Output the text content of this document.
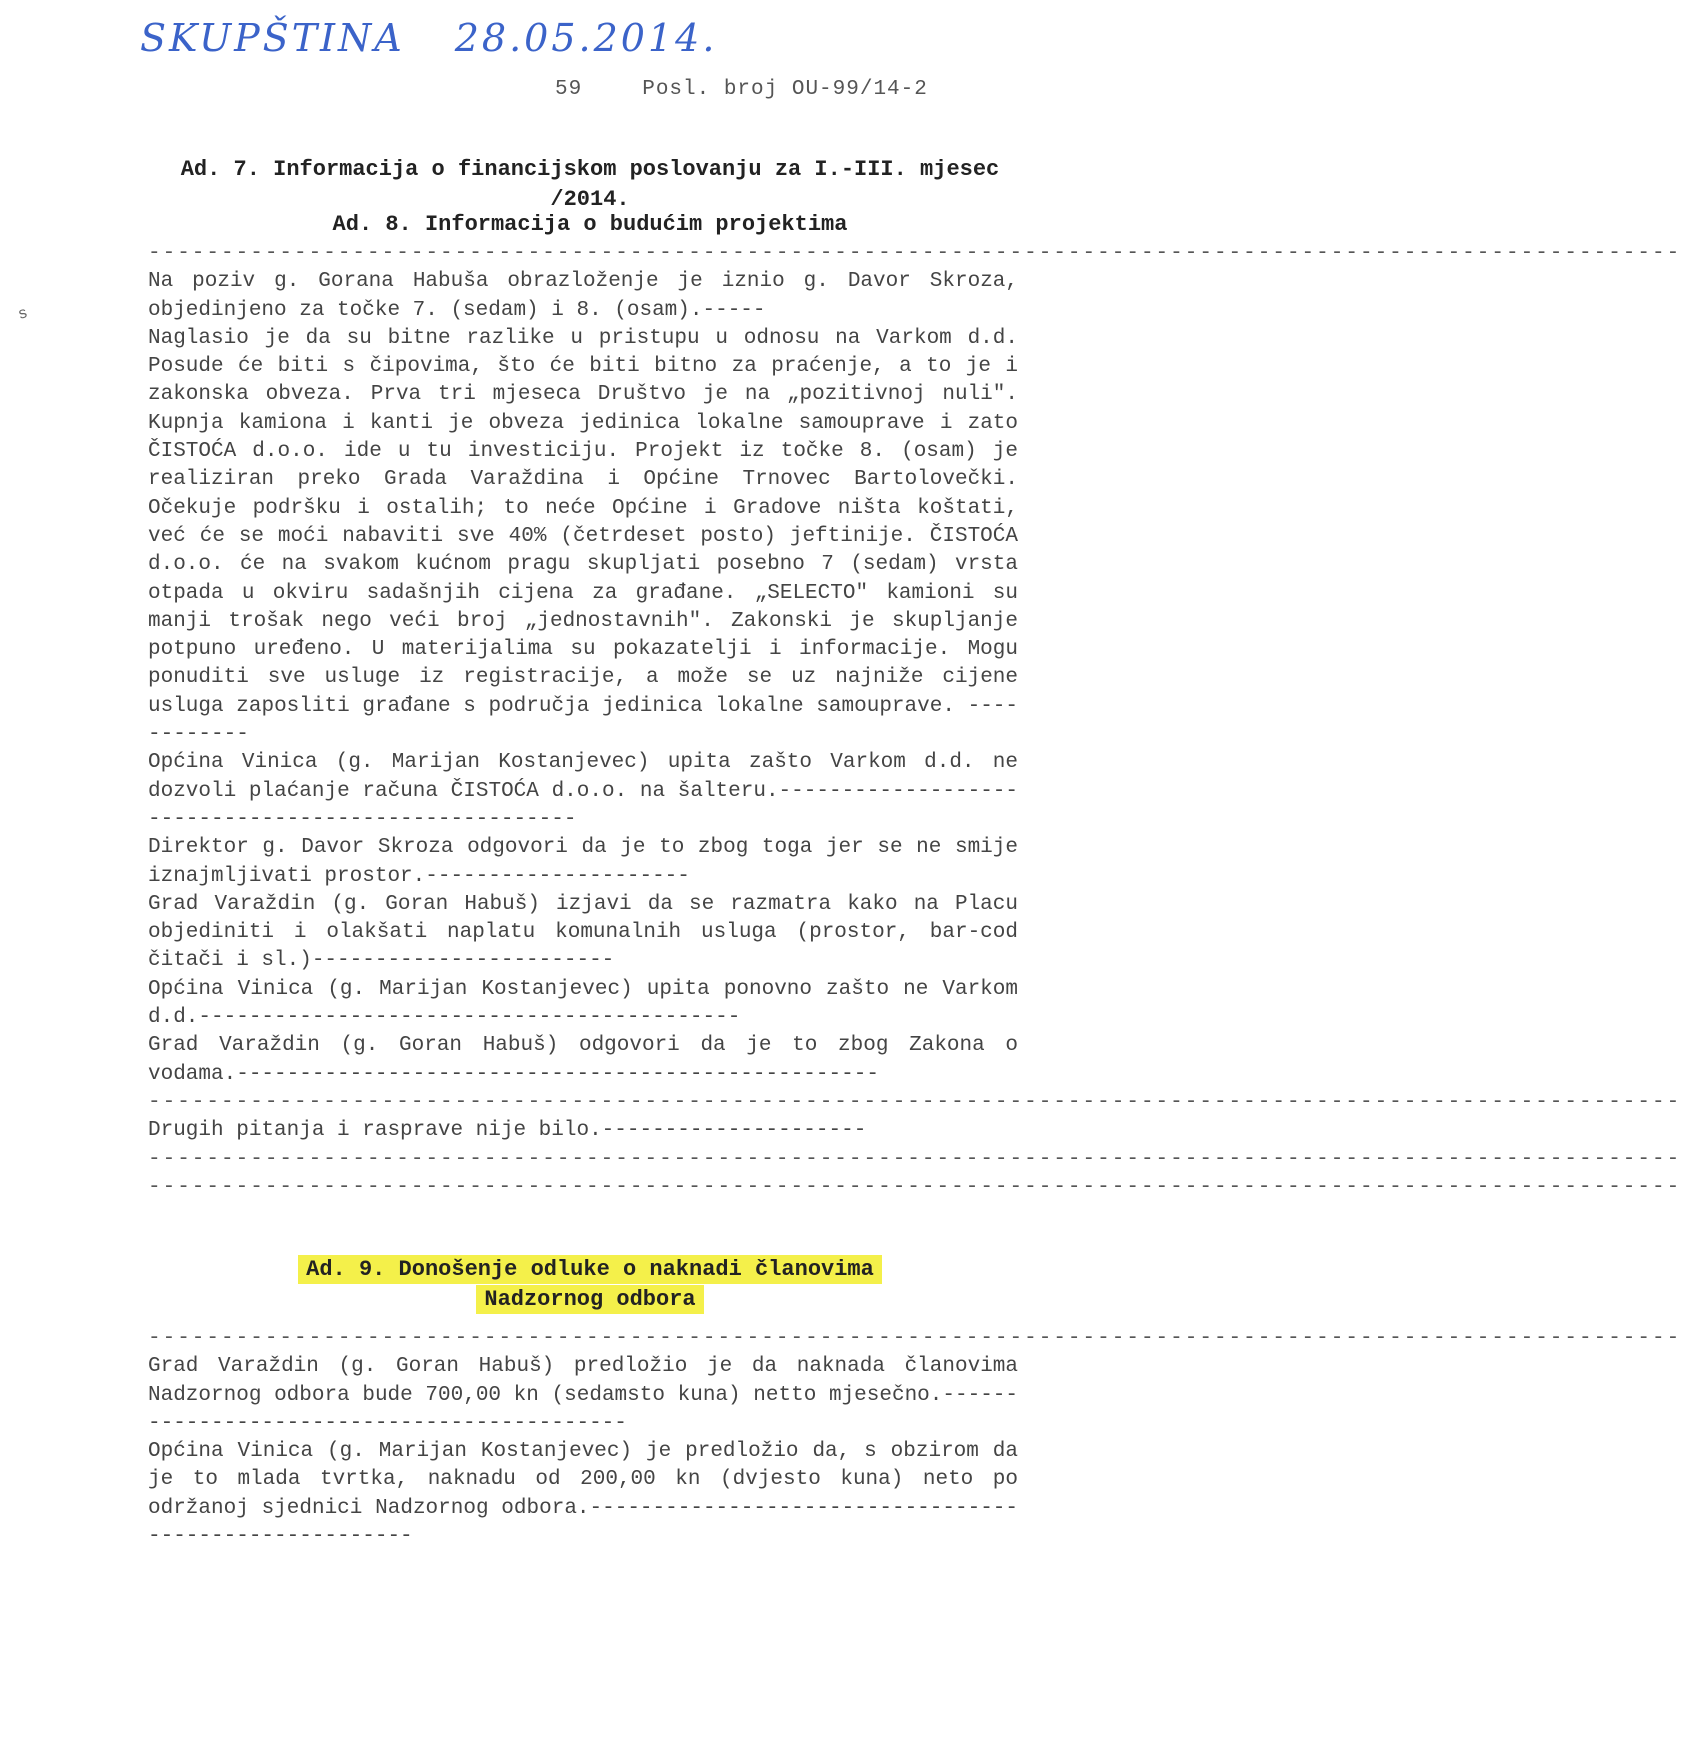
SKUPŠTINA 28.05.2014.
59	Posl. broj OU-99/14-2
s
Ad. 7. Informacija o financijskom poslovanju za I.-III. mjesec /2014.
Ad. 8. Informacija o budućim projektima
---------------------------------------------------------------------------------------------------------

Na poziv g. Gorana Habuša obrazloženje je iznio g. Davor Skroza, objedinjeno za točke 7. (sedam) i 8. (osam).-----

Naglasio je da su bitne razlike u pristupu u odnosu na Varkom d.d. Posude će biti s čipovima, što će biti bitno za praćenje, a to je i zakonska obveza. Prva tri mjeseca Društvo je na „pozitivnoj nuli". Kupnja kamiona i kanti je obveza jedinica lokalne samouprave i zato ČISTOĆA d.o.o. ide u tu investiciju. Projekt iz točke 8. (osam) je realiziran preko Grada Varaždina i Općine Trnovec Bartolovečki. Očekuje podršku i ostalih; to neće Općine i Gradove ništa koštati, već će se moći nabaviti sve 40% (četrdeset posto) jeftinije. ČISTOĆA d.o.o. će na svakom kućnom pragu skupljati posebno 7 (sedam) vrsta otpada u okviru sadašnjih cijena za građane. „SELECTO" kamioni su manji trošak nego veći broj „jednostavnih". Zakonski je skupljanje potpuno uređeno. U materijalima su pokazatelji i informacije. Mogu ponuditi sve usluge iz registracije, a može se uz najniže cijene usluga zaposliti građane s područja jedinica lokalne samouprave. ------------

Općina Vinica (g. Marijan Kostanjevec) upita zašto Varkom d.d. ne dozvoli plaćanje računa ČISTOĆA d.o.o. na šalteru.-----------------------------------------------------

Direktor g. Davor Skroza odgovori da je to zbog toga jer se ne smije iznajmljivati prostor.---------------------

Grad Varaždin (g. Goran Habuš) izjavi da se razmatra kako na Placu objediniti i olakšati naplatu komunalnih usluga (prostor, bar-cod čitači i sl.)------------------------

Općina Vinica (g. Marijan Kostanjevec) upita ponovno zašto ne Varkom d.d.-------------------------------------------

Grad Varaždin (g. Goran Habuš) odgovori da je to zbog Zakona o vodama.---------------------------------------------------

---------------------------------------------------------------------------------------------------------

Drugih pitanja i rasprave nije bilo.---------------------

---------------------------------------------------------------------------------------------------------
---------------------------------------------------------------------------------------------------------
Ad. 9. Donošenje odluke o naknadi članovima
Nadzornog odbora
---------------------------------------------------------------------------------------------------------

Grad Varaždin (g. Goran Habuš) predložio je da naknada članovima Nadzornog odbora bude 700,00 kn (sedamsto kuna) netto mjesečno.--------------------------------------------

Općina Vinica (g. Marijan Kostanjevec) je predložio da, s obzirom da je to mlada tvrtka, naknadu od 200,00 kn (dvjesto kuna) neto po održanoj sjednici Nadzornog odbora.-------------------------------------------------------
